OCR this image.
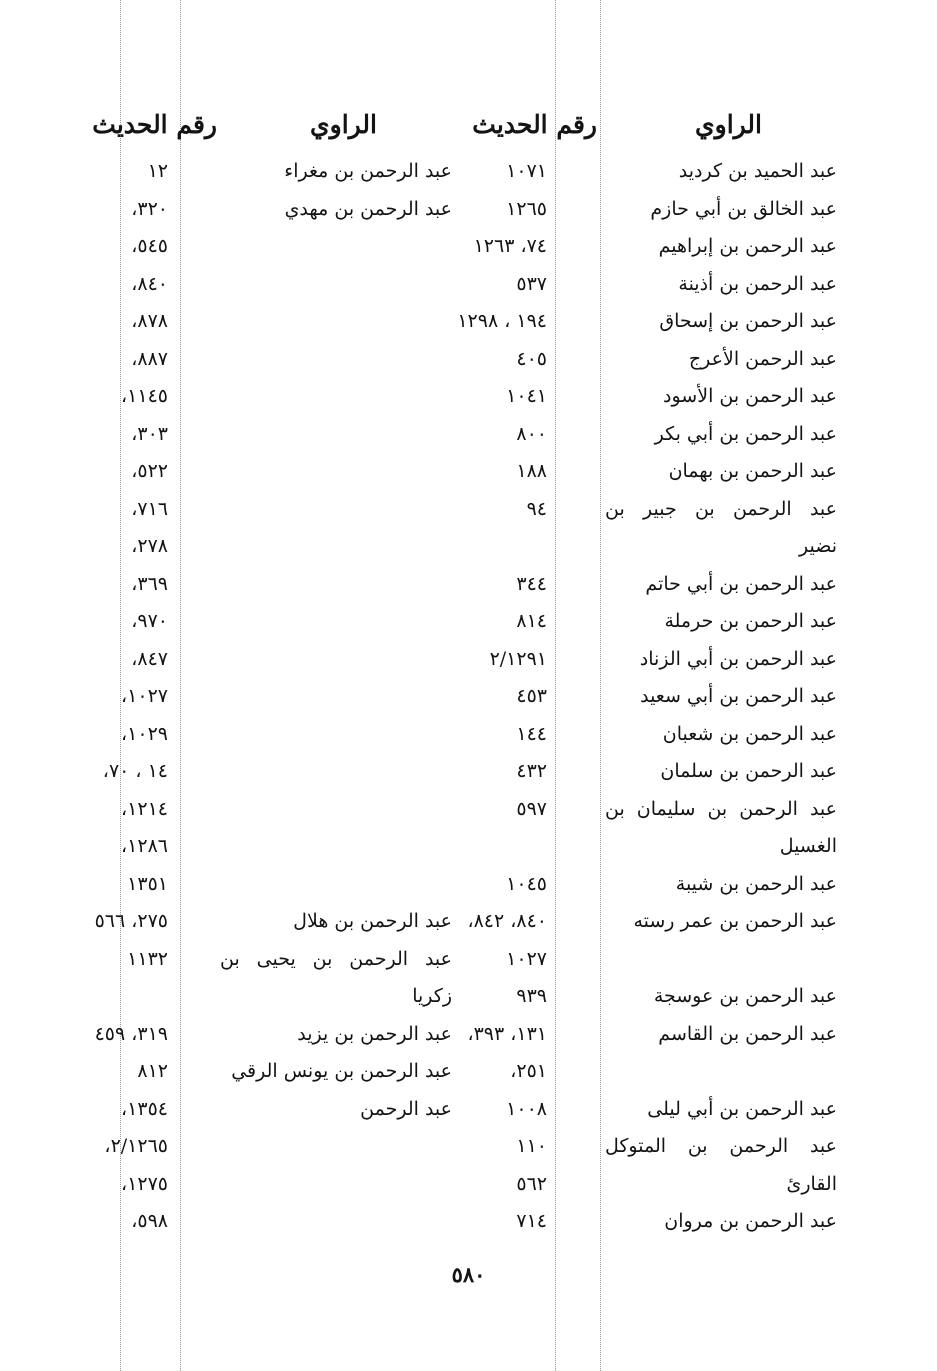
الراوي
رقم الحديث
الراوي
رقم الحديث
عبد الحميد بن كرديد
١٠٧١
عبد الرحمن بن مغراء
١٢
عبد الخالق بن أبي حازم
١٢٦٥
عبد الرحمن بن مهدي
٣٢٠،
عبد الرحمن بن إبراهيم
٧٤، ١٢٦٣
٥٤٥،
عبد الرحمن بن أذينة
٥٣٧
٨٤٠،
عبد الرحمن بن إسحاق
١٩٤ ، ١٢٩٨
٨٧٨،
عبد الرحمن الأعرج
٤٠٥
٨٨٧،
عبد الرحمن بن الأسود
١٠٤١
١١٤٥،
عبد الرحمن بن أبي بكر
٨٠٠
٣٠٣،
عبد الرحمن بن بهمان
١٨٨
٥٢٢،
عبد الرحمن بن جبير بن
٩٤
٧١٦،
نضير
٢٧٨،
عبد الرحمن بن أبي حاتم
٣٤٤
٣٦٩،
عبد الرحمن بن حرملة
٨١٤
٩٧٠،
عبد الرحمن بن أبي الزناد
٢/١٢٩١
٨٤٧،
عبد الرحمن بن أبي سعيد
٤٥٣
١٠٢٧،
عبد الرحمن بن شعبان
١٤٤
١٠٢٩،
عبد الرحمن بن سلمان
٤٣٢
١٤ ، ٧٠،
عبد الرحمن بن سليمان بن
٥٩٧
١٢١٤،
الغسيل
١٢٨٦،
عبد الرحمن بن شيبة
١٠٤٥
١٣٥١
عبد الرحمن بن عمر رسته
٨٤٠، ٨٤٢،
عبد الرحمن بن هلال
٢٧٥، ٥٦٦
١٠٢٧
عبد الرحمن بن يحيى بن
١١٣٢
عبد الرحمن بن عوسجة
٩٣٩
زكريا
عبد الرحمن بن القاسم
١٣١، ٣٩٣،
عبد الرحمن بن يزيد
٣١٩، ٤٥٩
٢٥١،
عبد الرحمن بن يونس الرقي
٨١٢
عبد الرحمن بن أبي ليلى
١٠٠٨
عبد الرحمن
١٣٥٤،
عبد الرحمن بن المتوكل
١١٠
٢/١٢٦٥،
القارئ
٥٦٢
١٢٧٥،
عبد الرحمن بن مروان
٧١٤
٥٩٨،
٥٨٠
